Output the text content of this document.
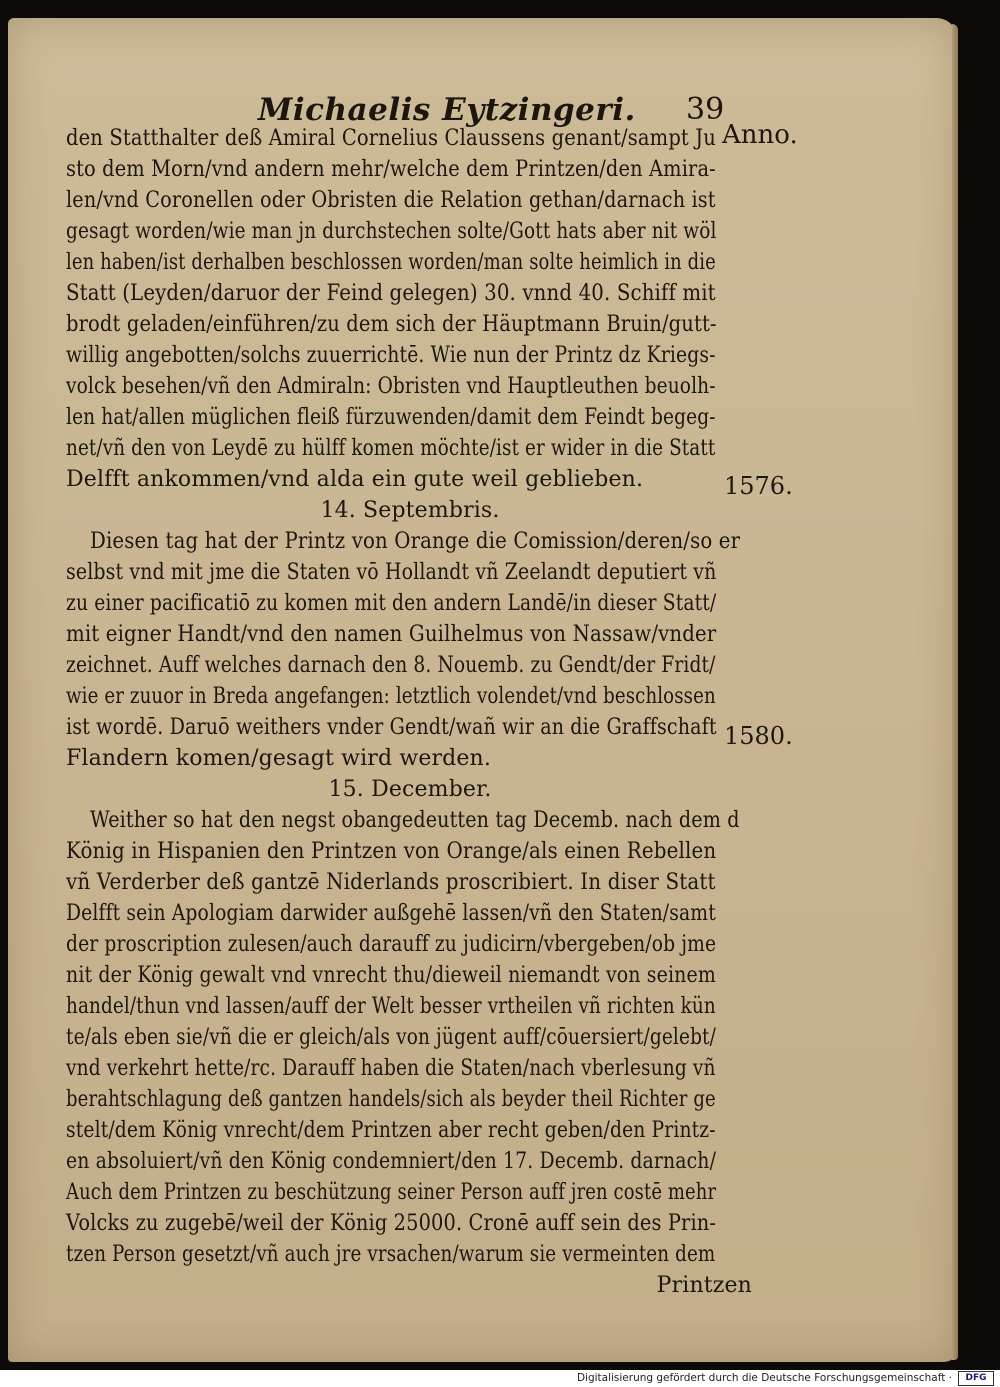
Michaelis Eytzingeri. 39
Anno.
1576.
1580.
den Statthalter deß Amiral Cornelius Claussens genant/sampt Ju
sto dem Morn/vnd andern mehr/welche dem Printzen/den Amira-
len/vnd Coronellen oder Obristen die Relation gethan/darnach ist
gesagt worden/wie man jn durchstechen solte/Gott hats aber nit wöl
len haben/ist derhalben beschlossen worden/man solte heimlich in die
Statt (Leyden/daruor der Feind gelegen) 30. vnnd 40. Schiff mit
brodt geladen/einführen/zu dem sich der Häuptmann Bruin/gutt-
willig angebotten/solchs zuuerrichtē. Wie nun der Printz dz Kriegs-
volck besehen/vñ den Admiraln: Obristen vnd Hauptleuthen beuolh-
len hat/allen müglichen fleiß fürzuwenden/damit dem Feindt begeg-
net/vñ den von Leydē zu hülff komen möchte/ist er wider in die Statt
Delfft ankommen/vnd alda ein gute weil geblieben.
14. Septembris.
Diesen tag hat der Printz von Orange die Comission/deren/so er
selbst vnd mit jme die Staten vō Hollandt vñ Zeelandt deputiert vñ
zu einer pacificatiō zu komen mit den andern Landē/in dieser Statt/
mit eigner Handt/vnd den namen Guilhelmus von Nassaw/vnder
zeichnet. Auff welches darnach den 8. Nouemb. zu Gendt/der Fridt/
wie er zuuor in Breda angefangen: letztlich volendet/vnd beschlossen
ist wordē. Daruō weithers vnder Gendt/wañ wir an die Graffschaft
Flandern komen/gesagt wird werden.
15. December.
Weither so hat den negst obangedeutten tag Decemb. nach dem d
König in Hispanien den Printzen von Orange/als einen Rebellen
vñ Verderber deß gantzē Niderlands proscribiert. In diser Statt
Delfft sein Apologiam darwider außgehē lassen/vñ den Staten/samt
der proscription zulesen/auch darauff zu judicirn/vbergeben/ob jme
nit der König gewalt vnd vnrecht thu/dieweil niemandt von seinem
handel/thun vnd lassen/auff der Welt besser vrtheilen vñ richten kün
te/als eben sie/vñ die er gleich/als von jügent auff/cōuersiert/gelebt/
vnd verkehrt hette/rc. Darauff haben die Staten/nach vberlesung vñ
berahtschlagung deß gantzen handels/sich als beyder theil Richter ge
stelt/dem König vnrecht/dem Printzen aber recht geben/den Printz-
en absoluiert/vñ den König condemniert/den 17. Decemb. darnach/
Auch dem Printzen zu beschützung seiner Person auff jren costē mehr
Volcks zu zugebē/weil der König 25000. Cronē auff sein des Prin-
tzen Person gesetzt/vñ auch jre vrsachen/warum sie vermeinten dem
Printzen
Digitalisierung gefördert durch die Deutsche Forschungsgemeinschaft ·	DFG
